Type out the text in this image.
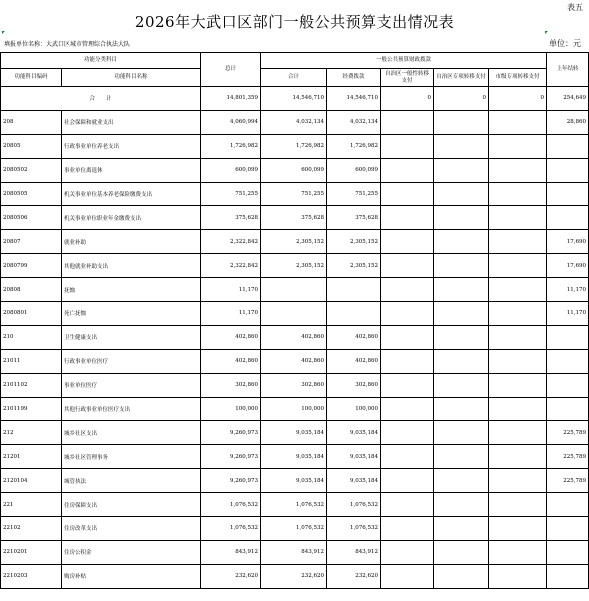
表五
2026年大武口区部门一般公共预算支出情况表
填报单位名称：大武口区城市管理综合执法大队	单位：元
功能分类科目		总计	一般公共预算财政拨款					上年结转
功能科目编码	功能科目名称		合计	经费拨款	自治区一般性转移支付	自治区专项转移支付	市级专项转移支付	

合　　计		14,801,359	14,546,710	14,546,710	0	0	0	254,649
208	社会保障和就业支出	4,060,994	4,032,134	4,032,134				28,860
20805	行政事业单位养老支出	1,726,982	1,726,982	1,726,982				
2080502	事业单位离退休	600,099	600,099	600,099				
2080505	机关事业单位基本养老保险缴费支出	751,255	751,255	751,255				
2080506	机关事业单位职业年金缴费支出	375,628	375,628	375,628				
20807	就业补助	2,322,842	2,305,152	2,305,152				17,690
2080799	其他就业补助支出	2,322,842	2,305,152	2,305,152				17,690
20808	抚恤	11,170						11,170
2080801	死亡抚恤	11,170						11,170
210	卫生健康支出	402,860	402,860	402,860				
21011	行政事业单位医疗	402,860	402,860	402,860				
2101102	事业单位医疗	302,860	302,860	302,860				
2101199	其他行政事业单位医疗支出	100,000	100,000	100,000				
212	城乡社区支出	9,260,973	9,035,184	9,035,184				225,789
21201	城乡社区管理事务	9,260,973	9,035,184	9,035,184				225,789
2120104	城管执法	9,260,973	9,035,184	9,035,184				225,789
221	住房保障支出	1,076,532	1,076,532	1,076,532				
22102	住房改革支出	1,076,532	1,076,532	1,076,532				
2210201	住房公积金	843,912	843,912	843,912				
2210203	购房补贴	232,620	232,620	232,620				
